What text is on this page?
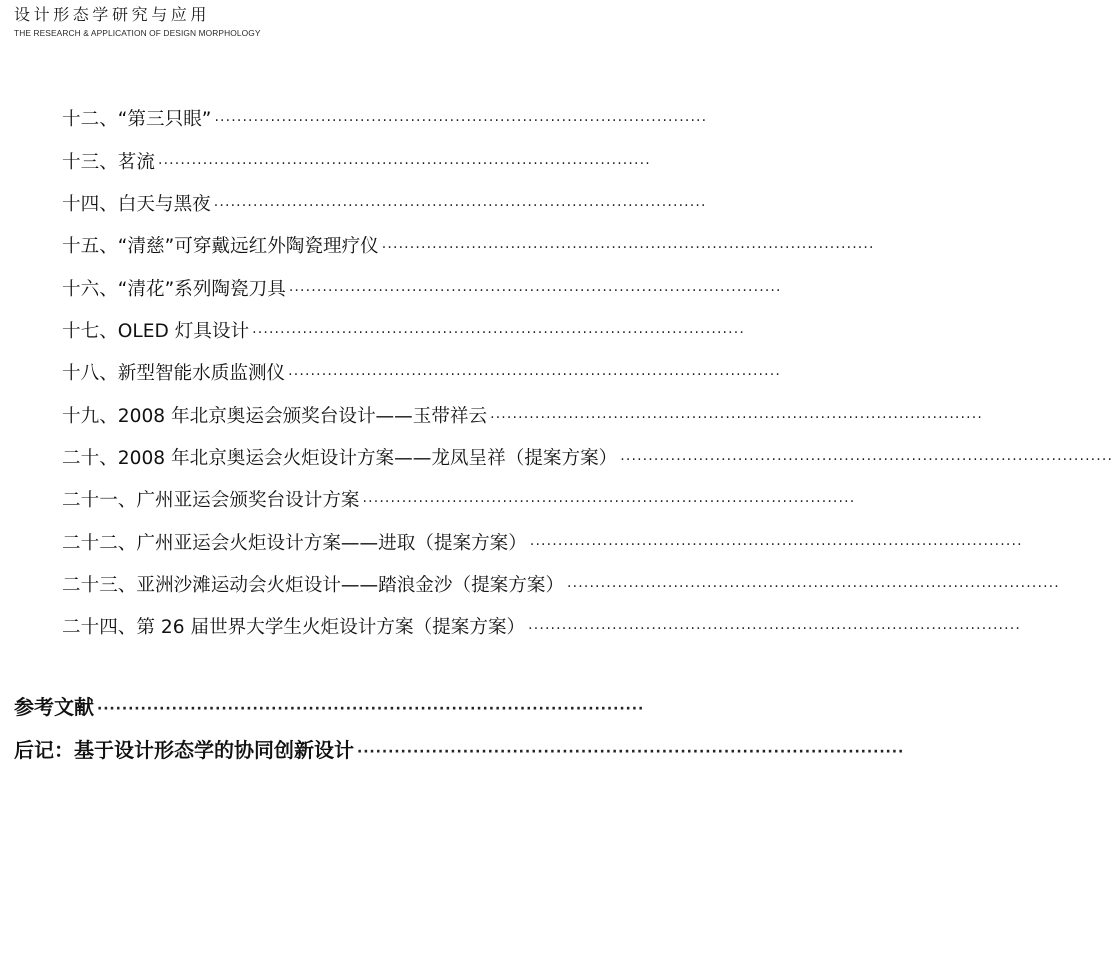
设计形态学研究与应用
THE RESEARCH & APPLICATION OF DESIGN MORPHOLOGY
十二、“第三只眼” ························································································
十三、茗流 ························································································
十四、白天与黑夜 ························································································
十五、“清慈”可穿戴远红外陶瓷理疗仪 ························································································
十六、“清花”系列陶瓷刀具 ························································································
十七、OLED 灯具设计 ························································································
十八、新型智能水质监测仪 ························································································
十九、2008 年北京奥运会颁奖台设计——玉带祥云 ························································································
二十、2008 年北京奥运会火炬设计方案——龙凤呈祥（提案方案） ························································································
二十一、广州亚运会颁奖台设计方案 ························································································
二十二、广州亚运会火炬设计方案——进取（提案方案） ························································································
二十三、亚洲沙滩运动会火炬设计——踏浪金沙（提案方案） ························································································
二十四、第 26 届世界大学生火炬设计方案（提案方案） ························································································
参考文献 ························································································
后记：基于设计形态学的协同创新设计 ························································································
